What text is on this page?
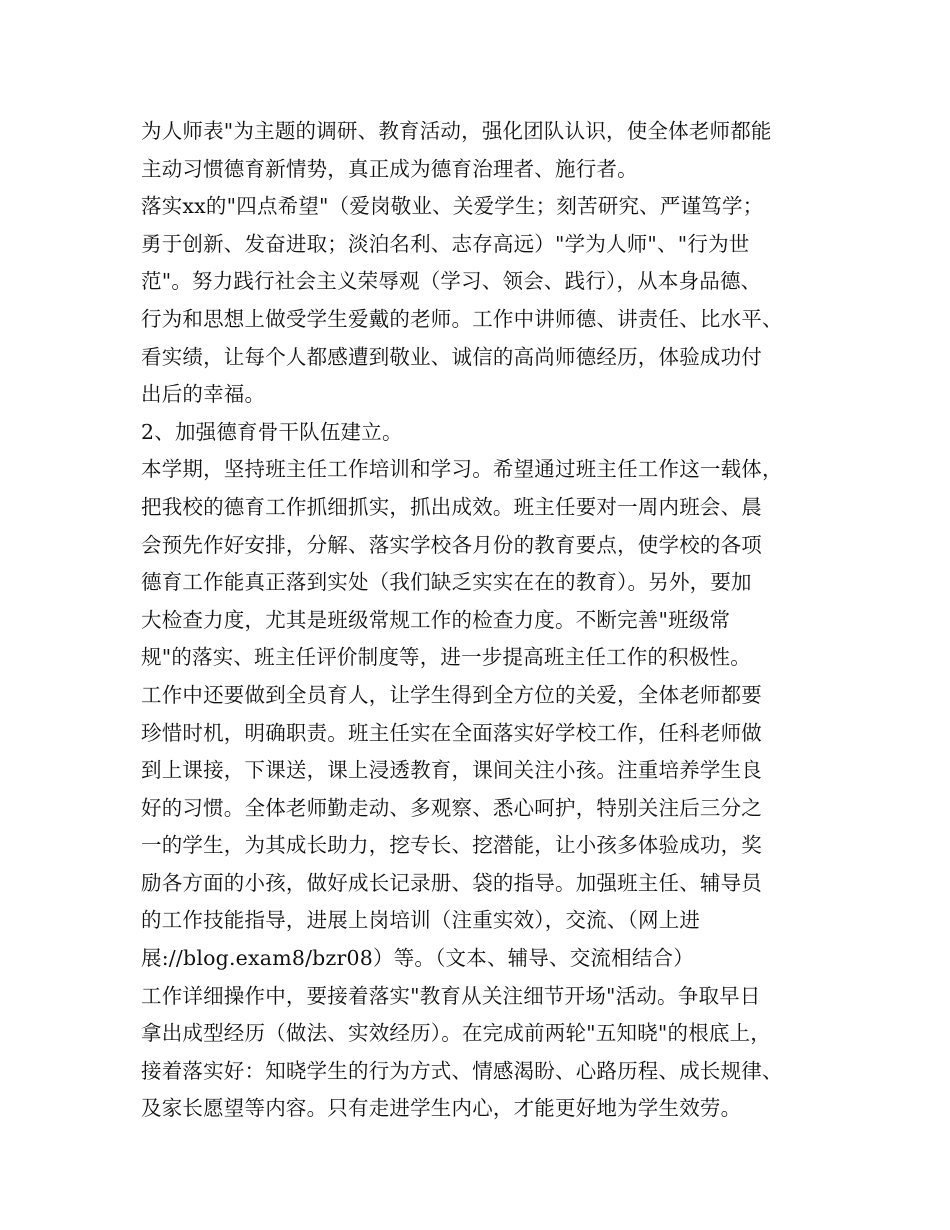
为人师表"为主题的调研、教育活动，强化团队认识，使全体老师都能
主动习惯德育新情势，真正成为德育治理者、施行者。
落实xx的"四点希望"（爱岗敬业、关爱学生；刻苦研究、严谨笃学；
勇于创新、发奋进取；淡泊名利、志存高远）"学为人师"、"行为世
范"。努力践行社会主义荣辱观（学习、领会、践行），从本身品德、
行为和思想上做受学生爱戴的老师。工作中讲师德、讲责任、比水平、
看实绩，让每个人都感遭到敬业、诚信的高尚师德经历，体验成功付
出后的幸福。
2、加强德育骨干队伍建立。
本学期，坚持班主任工作培训和学习。希望通过班主任工作这一载体，
把我校的德育工作抓细抓实，抓出成效。班主任要对一周内班会、晨
会预先作好安排，分解、落实学校各月份的教育要点，使学校的各项
德育工作能真正落到实处（我们缺乏实实在在的教育）。另外，要加
大检查力度，尤其是班级常规工作的检查力度。不断完善"班级常
规"的落实、班主任评价制度等，进一步提高班主任工作的积极性。
工作中还要做到全员育人，让学生得到全方位的关爱，全体老师都要
珍惜时机，明确职责。班主任实在全面落实好学校工作，任科老师做
到上课接，下课送，课上浸透教育，课间关注小孩。注重培养学生良
好的习惯。全体老师勤走动、多观察、悉心呵护，特别关注后三分之
一的学生，为其成长助力，挖专长、挖潜能，让小孩多体验成功，奖
励各方面的小孩，做好成长记录册、袋的指导。加强班主任、辅导员
的工作技能指导，进展上岗培训（注重实效），交流、（网上进
展://blog.exam8/bzr08）等。（文本、辅导、交流相结合）
工作详细操作中，要接着落实"教育从关注细节开场"活动。争取早日
拿出成型经历（做法、实效经历）。在完成前两轮"五知晓"的根底上，
接着落实好：知晓学生的行为方式、情感渴盼、心路历程、成长规律、
及家长愿望等内容。只有走进学生内心，才能更好地为学生效劳。
